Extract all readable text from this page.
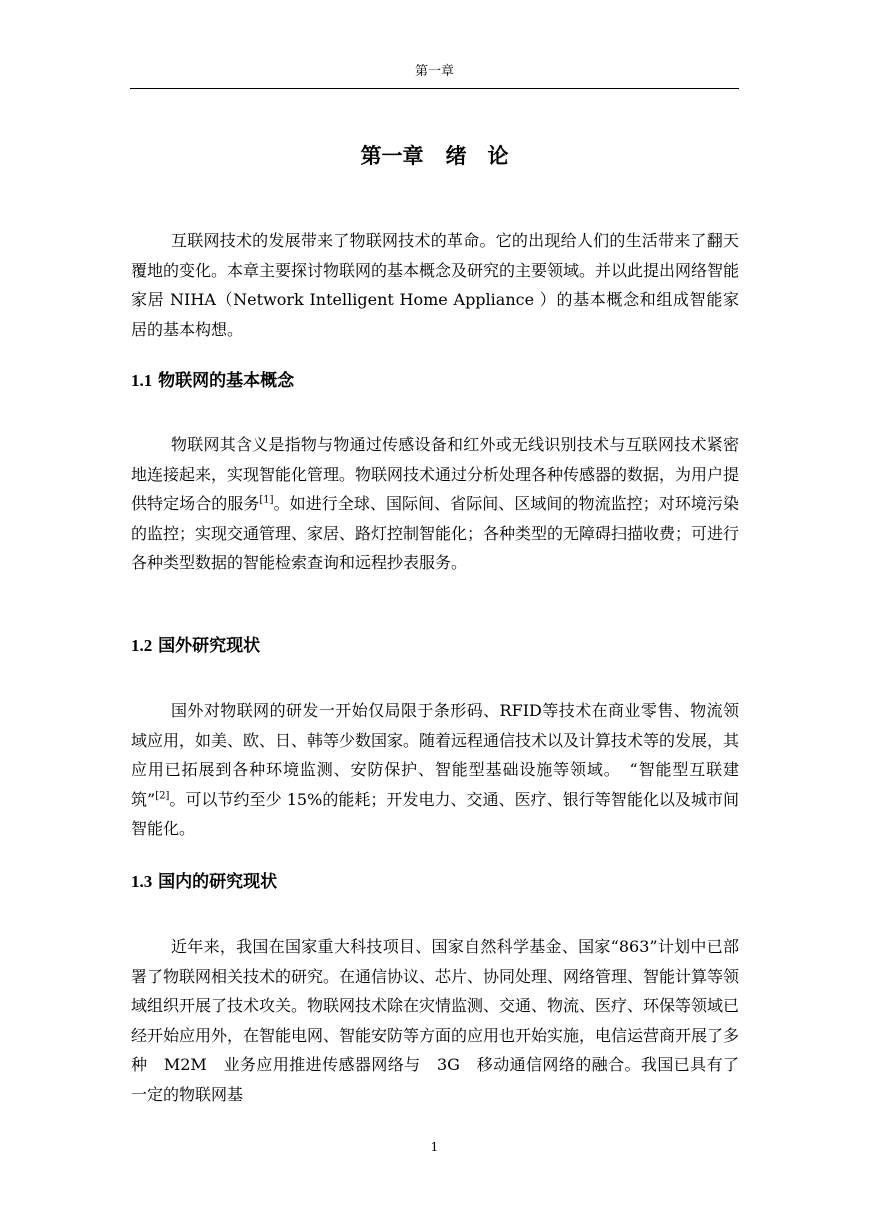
第一章
第一章 绪　论

互联网技术的发展带来了物联网技术的革命。它的出现给人们的生活带来了翻天覆地的变化。本章主要探讨物联网的基本概念及研究的主要领域。并以此提出网络智能家居 NIHA（Network Intelligent Home Appliance ）的基本概念和组成智能家居的基本构想。

1.1 物联网的基本概念

物联网其含义是指物与物通过传感设备和红外或无线识别技术与互联网技术紧密地连接起来，实现智能化管理。物联网技术通过分析处理各种传感器的数据，为用户提供特定场合的服务[1]。如进行全球、国际间、省际间、区域间的物流监控；对环境污染的监控；实现交通管理、家居、路灯控制智能化；各种类型的无障碍扫描收费；可进行各种类型数据的智能检索查询和远程抄表服务。

1.2 国外研究现状

国外对物联网的研发一开始仅局限于条形码、RFID等技术在商业零售、物流领域应用，如美、欧、日、韩等少数国家。随着远程通信技术以及计算技术等的发展，其应用已拓展到各种环境监测、安防保护、智能型基础设施等领域。　“智能型互联建筑”[2]。可以节约至少 15%的能耗；开发电力、交通、医疗、银行等智能化以及城市间智能化。

1.3 国内的研究现状

近年来，我国在国家重大科技项目、国家自然科学基金、国家“863”计划中已部署了物联网相关技术的研究。在通信协议、芯片、协同处理、网络管理、智能计算等领域组织开展了技术攻关。物联网技术除在灾情监测、交通、物流、医疗、环保等领域已经开始应用外，在智能电网、智能安防等方面的应用也开始实施，电信运营商开展了多种　M2M　业务应用推进传感器网络与　3G　移动通信网络的融合。我国已具有了一定的物联网基

1
